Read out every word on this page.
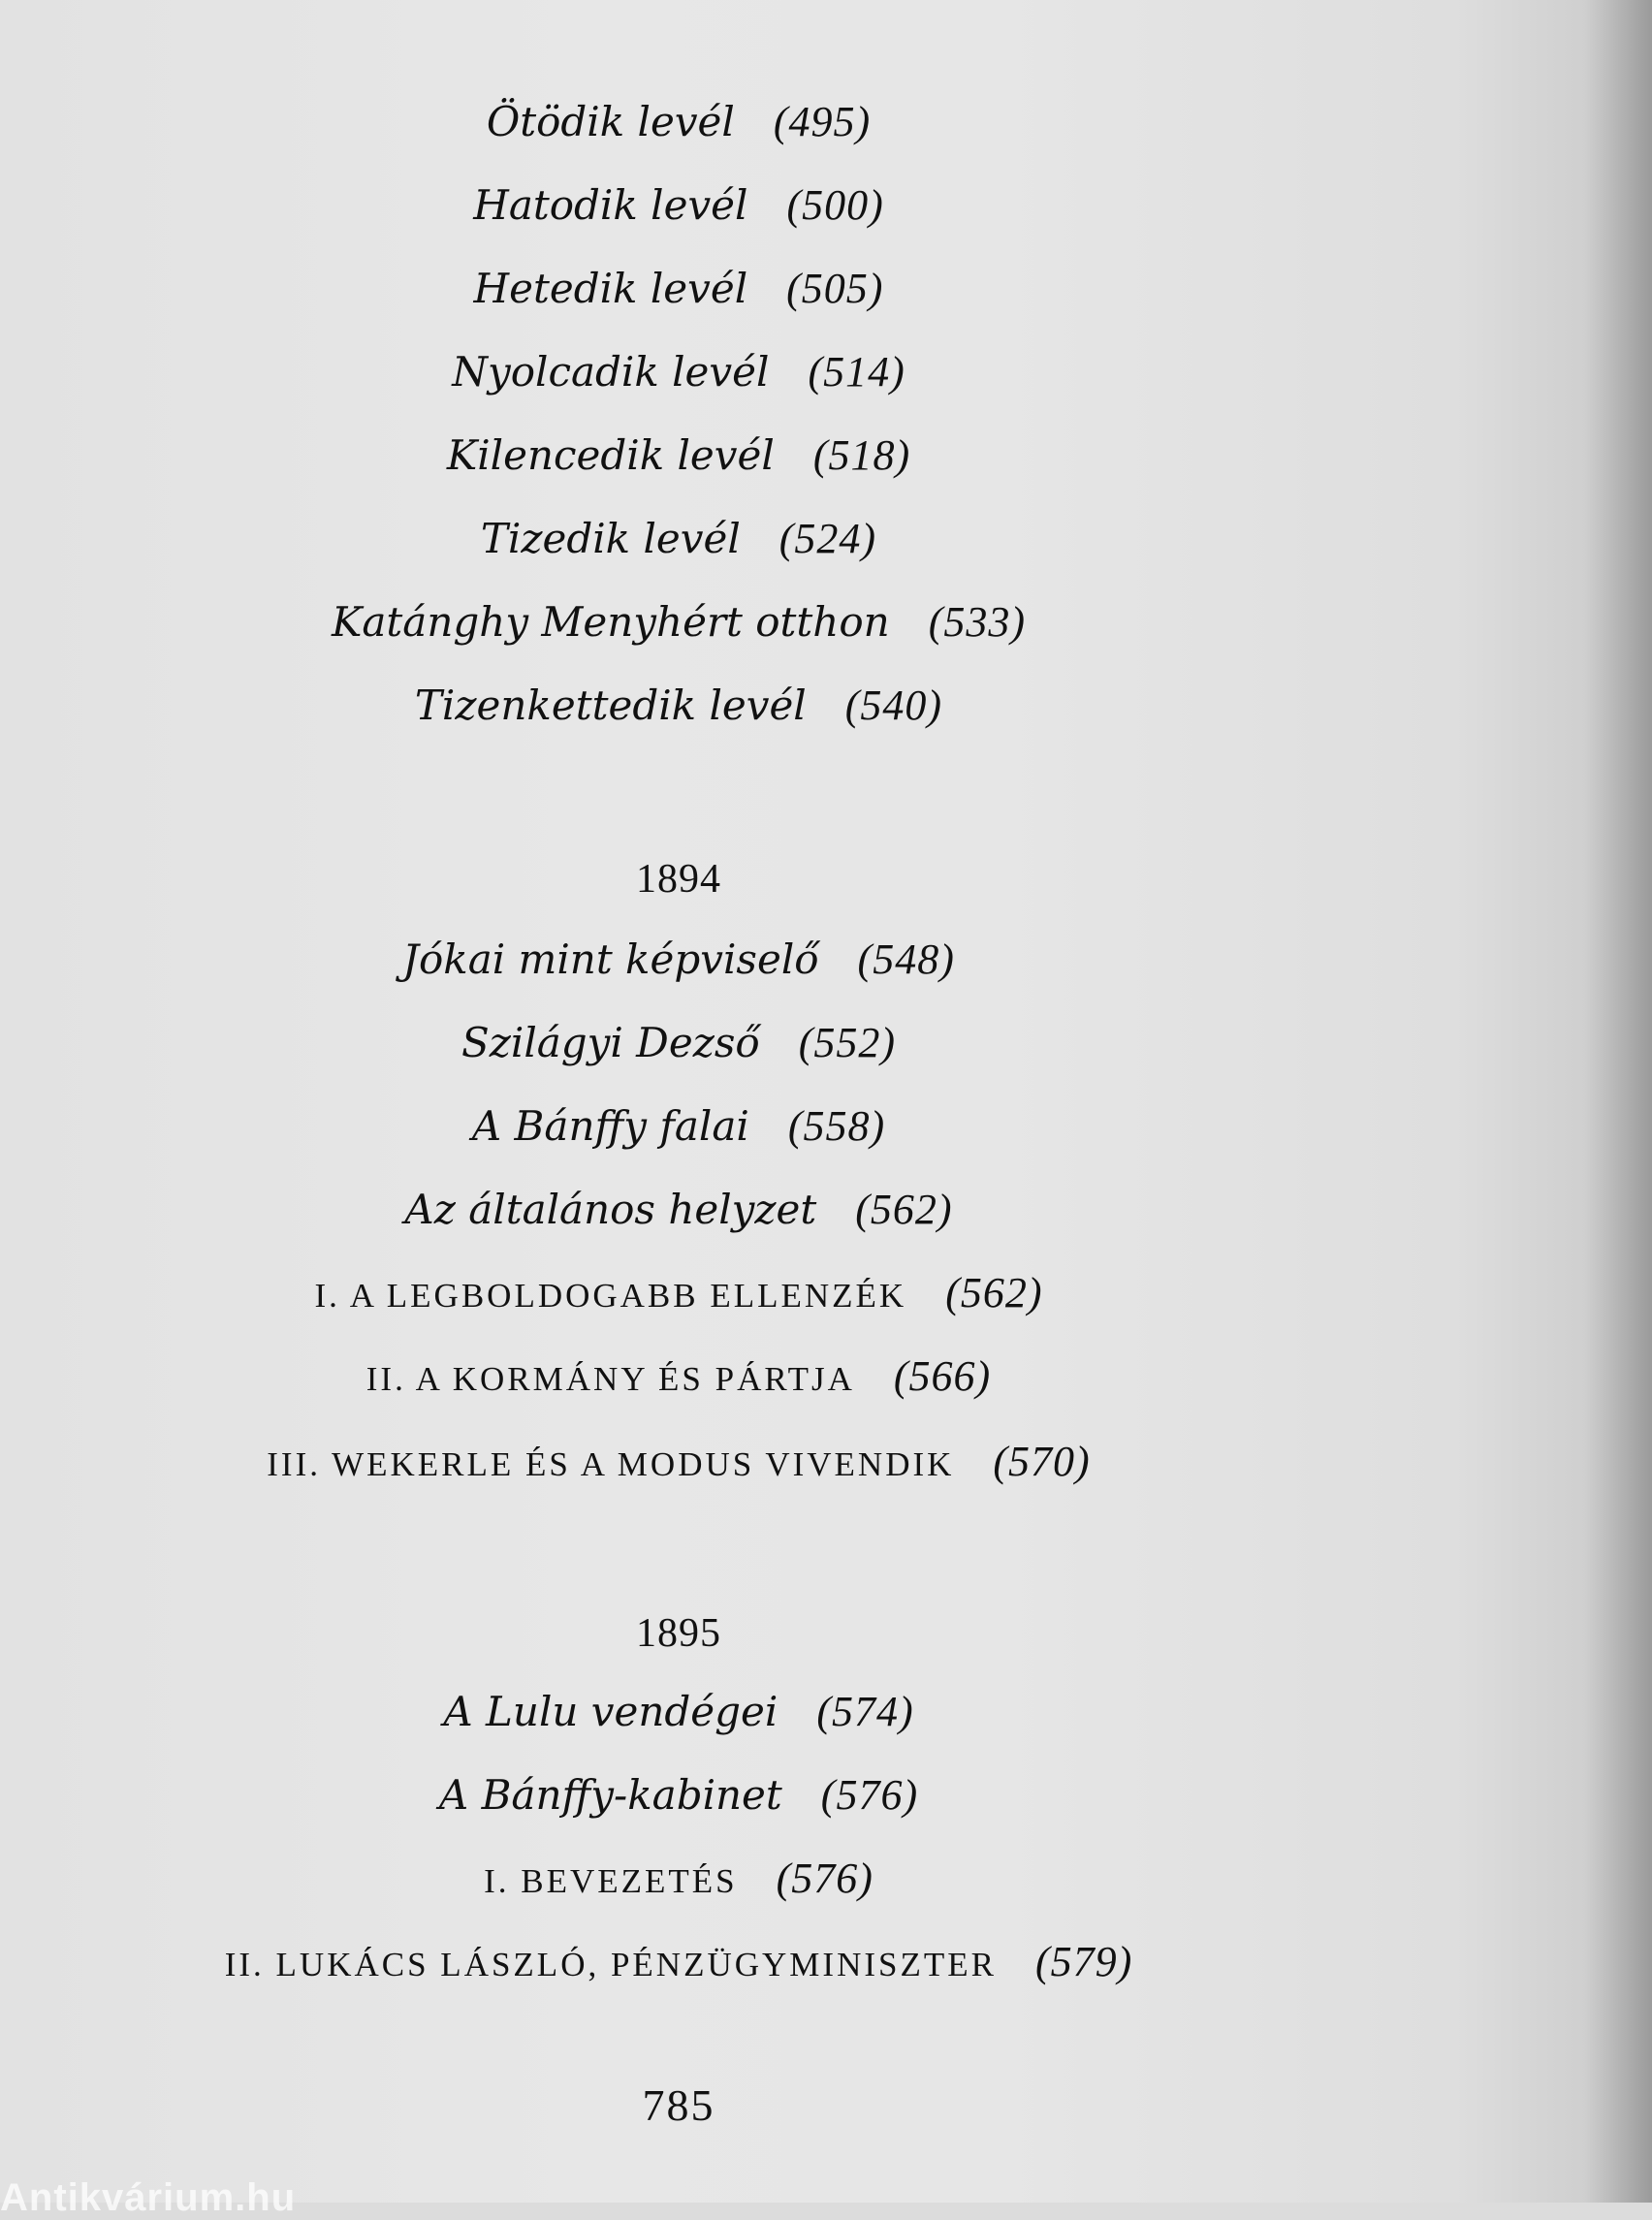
Ötödik levél (495)
Hatodik levél (500)
Hetedik levél (505)
Nyolcadik levél (514)
Kilencedik levél (518)
Tizedik levél (524)
Katánghy Menyhért otthon (533)
Tizenkettedik levél (540)
1894
Jókai mint képviselő (548)
Szilágyi Dezső (552)
A Bánffy falai (558)
Az általános helyzet (562)
I. A LEGBOLDOGABB ELLENZÉK (562)
II. A KORMÁNY ÉS PÁRTJA (566)
III. WEKERLE ÉS A MODUS VIVENDIK (570)
1895
A Lulu vendégei (574)
A Bánffy-kabinet (576)
I. BEVEZETÉS (576)
II. LUKÁCS LÁSZLÓ, PÉNZÜGYMINISZTER (579)
785
Antikvárium.hu
